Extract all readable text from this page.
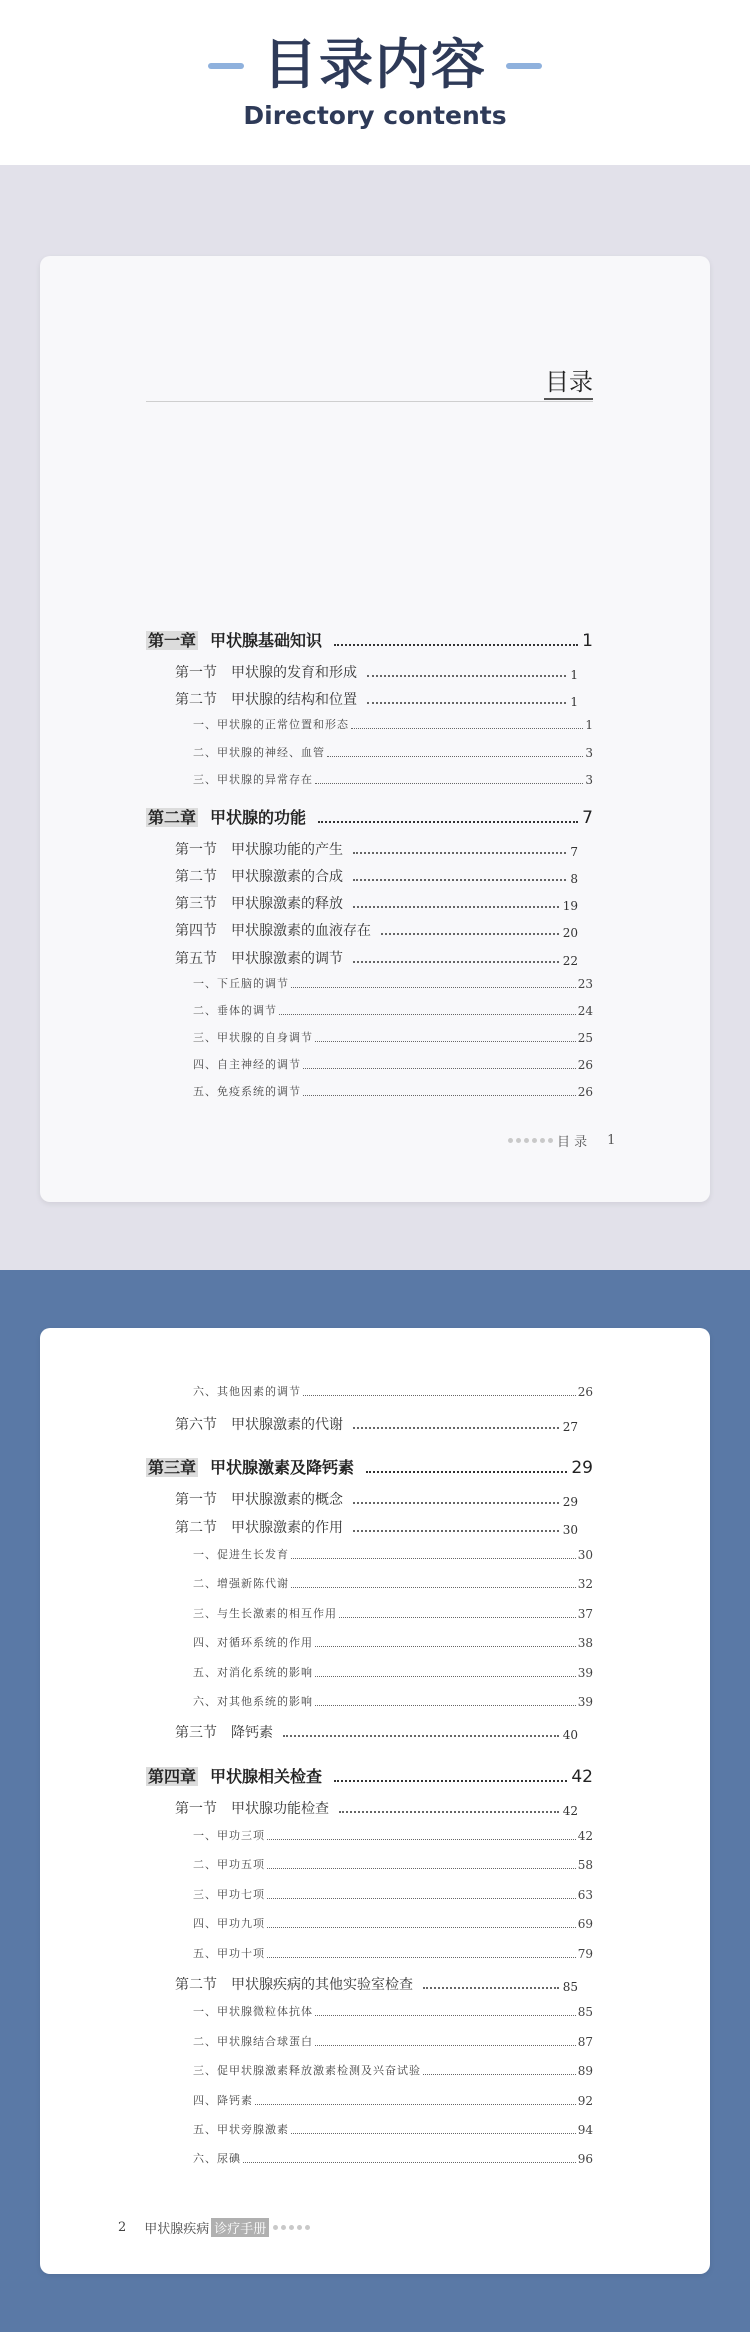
目录内容
Directory contents
目录
第一章 甲状腺基础知识	1
第一节 甲状腺的发育和形成	1
第二节 甲状腺的结构和位置	1
一、甲状腺的正常位置和形态	1
二、甲状腺的神经、血管	3
三、甲状腺的异常存在	3
第二章 甲状腺的功能	7
第一节 甲状腺功能的产生	7
第二节 甲状腺激素的合成	8
第三节 甲状腺激素的释放	19
第四节 甲状腺激素的血液存在	20
第五节 甲状腺激素的调节	22
一、下丘脑的调节	23
二、垂体的调节	24
三、甲状腺的自身调节	25
四、自主神经的调节	26
五、免疫系统的调节	26
目 录 1
六、其他因素的调节	26
第六节 甲状腺激素的代谢	27
第三章 甲状腺激素及降钙素	29
第一节 甲状腺激素的概念	29
第二节 甲状腺激素的作用	30
一、促进生长发育	30
二、增强新陈代谢	32
三、与生长激素的相互作用	37
四、对循环系统的作用	38
五、对消化系统的影响	39
六、对其他系统的影响	39
第三节 降钙素	40
第四章 甲状腺相关检查	42
第一节 甲状腺功能检查	42
一、甲功三项	42
二、甲功五项	58
三、甲功七项	63
四、甲功九项	69
五、甲功十项	79
第二节 甲状腺疾病的其他实验室检查	85
一、甲状腺微粒体抗体	85
二、甲状腺结合球蛋白	87
三、促甲状腺激素释放激素检测及兴奋试验	89
四、降钙素	92
五、甲状旁腺激素	94
六、尿碘	96
2 甲状腺疾病 诊疗手册
